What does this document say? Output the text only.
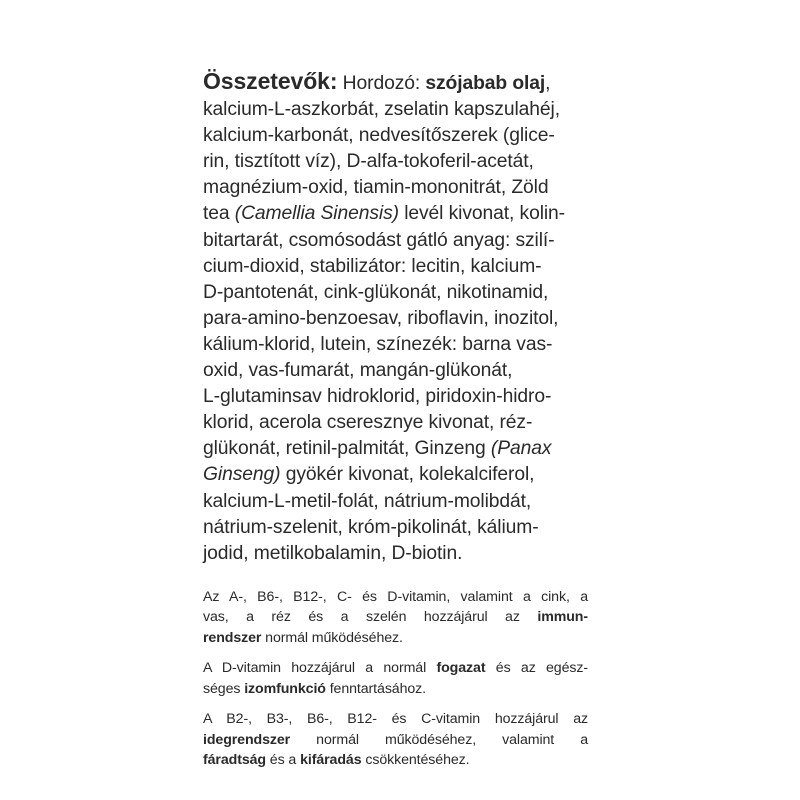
Összetevők: Hordozó: szójabab olaj,
kalcium-L-aszkorbát, zselatin kapszulahéj,
kalcium-karbonát, nedvesítőszerek (glice-
rin, tisztított víz), D-alfa-tokoferil-acetát,
magnézium-oxid, tiamin-mononitrát, Zöld
tea (Camellia Sinensis) levél kivonat, kolin-
bitartarát, csomósodást gátló anyag: szilí-
cium-dioxid, stabilizátor: lecitin, kalcium-
D-pantotenát, cink-glükonát, nikotinamid,
para-amino-benzoesav, riboflavin, inozitol,
kálium-klorid, lutein, színezék: barna vas-
oxid, vas-fumarát, mangán-glükonát,
L-glutaminsav hidroklorid, piridoxin-hidro-
klorid, acerola cseresznye kivonat, réz-
glükonát, retinil-palmitát, Ginzeng (Panax
Ginseng) gyökér kivonat, kolekalciferol,
kalcium-L-metil-folát, nátrium-molibdát,
nátrium-szelenit, króm-pikolinát, kálium-
jodid, metilkobalamin, D-biotin.
Az A-, B6-, B12-, C- és D-vitamin, valamint a cink, a
vas, a réz és a szelén hozzájárul az immun-
rendszer normál működéséhez.
A D-vitamin hozzájárul a normál fogazat és az egész-
séges izomfunkció fenntartásához.
A B2-, B3-, B6-, B12- és C-vitamin hozzájárul az
idegrendszer normál működéséhez, valamint a
fáradtság és a kifáradás csökkentéséhez.
